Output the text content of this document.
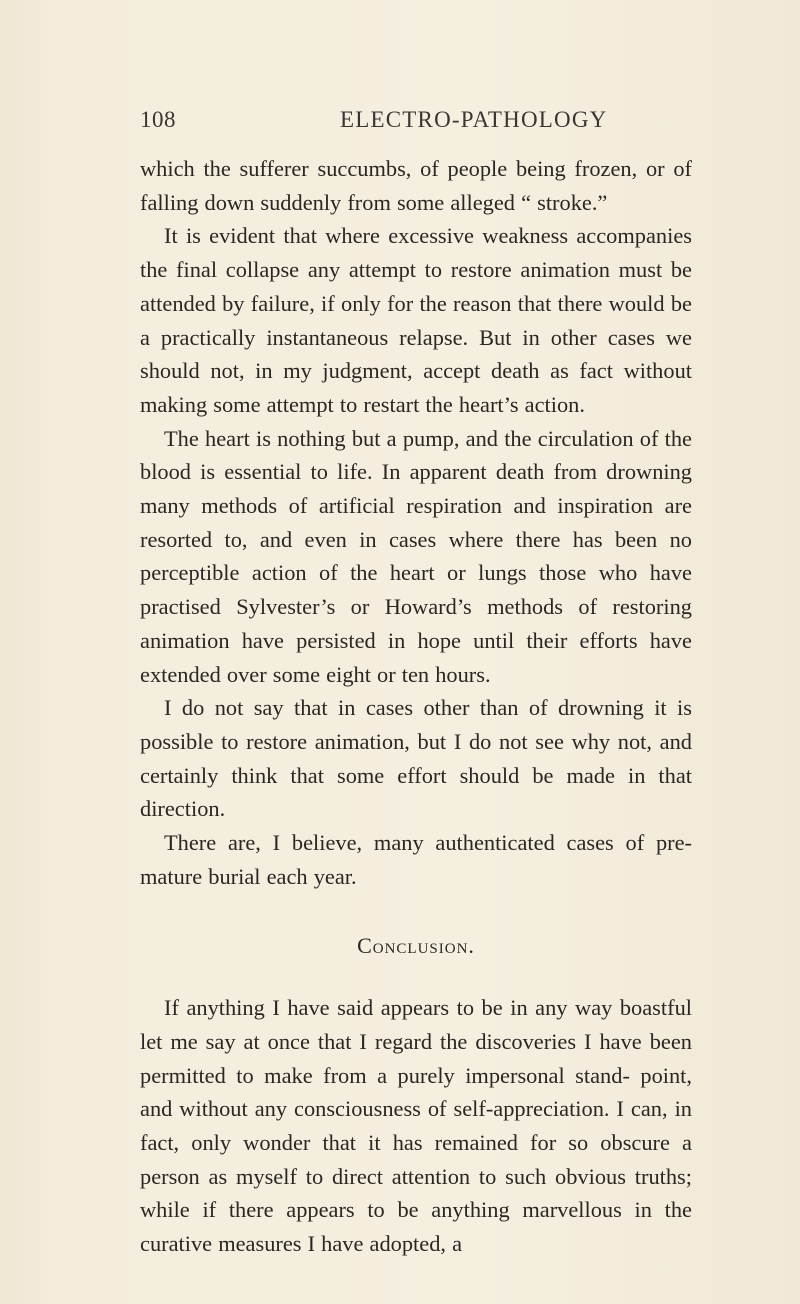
108	ELECTRO-PATHOLOGY

which the sufferer succumbs, of people being frozen, or of falling down suddenly from some alleged “ stroke.”

It is evident that where excessive weakness accompanies the final collapse any attempt to restore animation must be attended by failure, if only for the reason that there would be a practically instantaneous relapse. But in other cases we should not, in my judgment, accept death as fact without making some attempt to restart the heart’s action.

The heart is nothing but a pump, and the circulation of the blood is essential to life. In apparent death from drowning many methods of artificial respiration and inspiration are resorted to, and even in cases where there has been no perceptible action of the heart or lungs those who have practised Sylvester’s or Howard’s methods of restoring animation have persisted in hope until their efforts have extended over some eight or ten hours.

I do not say that in cases other than of drowning it is possible to restore animation, but I do not see why not, and certainly think that some effort should be made in that direction.

There are, I believe, many authenticated cases of pre- mature burial each year.

Conclusion.

If anything I have said appears to be in any way boastful let me say at once that I regard the discoveries I have been permitted to make from a purely impersonal stand- point, and without any consciousness of self-appreciation. I can, in fact, only wonder that it has remained for so obscure a person as myself to direct attention to such obvious truths; while if there appears to be anything marvellous in the curative measures I have adopted, a
